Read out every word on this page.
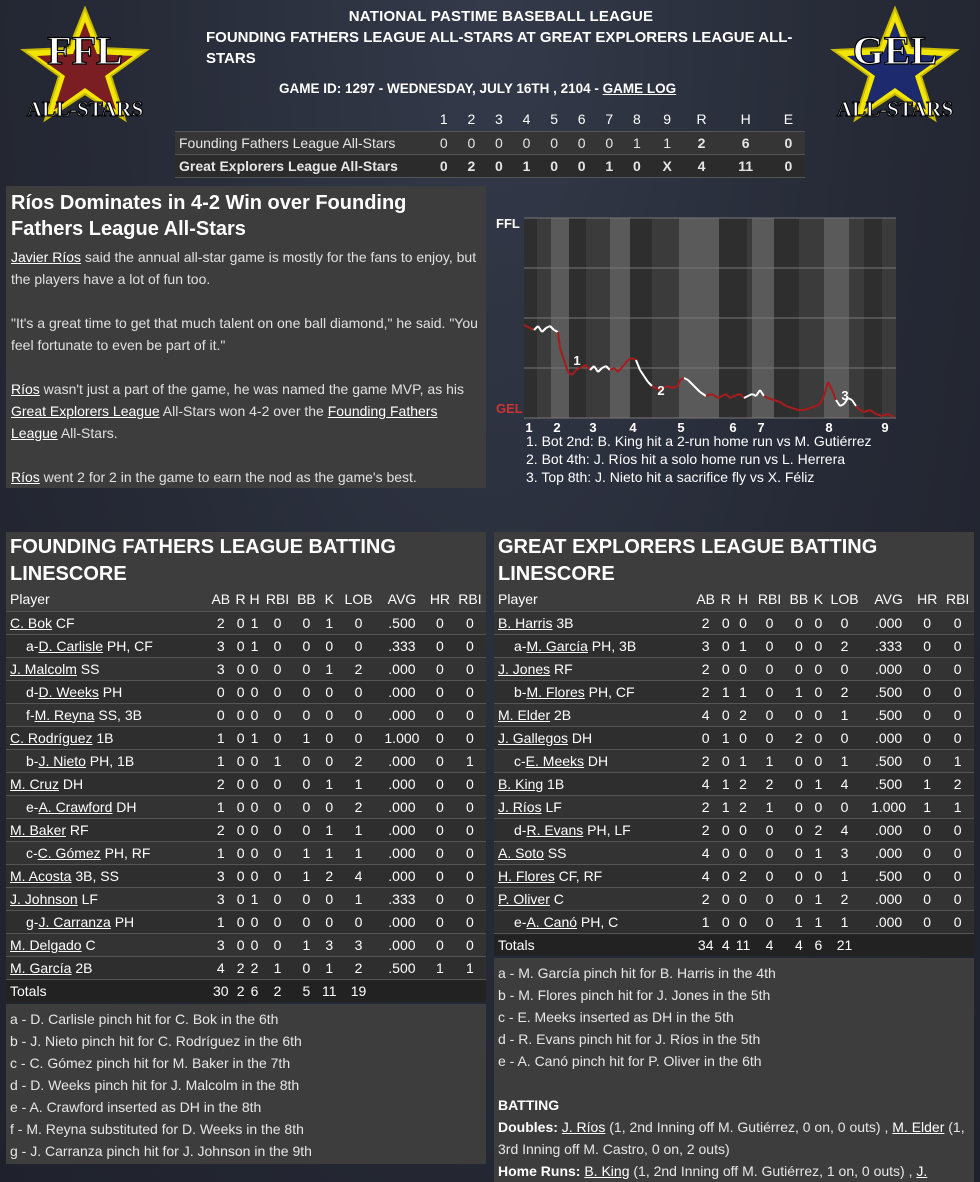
FFL
ALL-STARS
GEL
ALL-STARS
NATIONAL PASTIME BASEBALL LEAGUE
FOUNDING FATHERS LEAGUE ALL-STARS AT GREAT EXPLORERS LEAGUE ALL-STARS
GAME ID: 1297 - WEDNESDAY, JULY 16TH , 2104 - GAME LOG
	1	2	3	4	5	6	7	8	9	R	H	E
Founding Fathers League All-Stars	0	0	0	0	0	0	0	1	1	2	6	0
Great Explorers League All-Stars	0	2	0	1	0	0	1	0	X	4	11	0
Ríos Dominates in 4-2 Win over Founding Fathers League All-Stars

Javier Ríos said the annual all-star game is mostly for the fans to enjoy, but the players have a lot of fun too.

"It's a great time to get that much talent on one ball diamond," he said. "You feel fortunate to even be part of it."

Ríos wasn't just a part of the game, he was named the game MVP, as his Great Explorers League All-Stars won 4-2 over the Founding Fathers League All-Stars.

Ríos went 2 for 2 in the game to earn the nod as the game's best.

FFL
GEL
1
2	3
1 2 3	4	5	6 7	8	9
1. Bot 2nd: B. King hit a 2-run home run vs M. Gutiérrez
2. Bot 4th: J. Ríos hit a solo home run vs L. Herrera
3. Top 8th: J. Nieto hit a sacrifice fly vs X. Féliz
FOUNDING FATHERS LEAGUE BATTING LINESCORE
Player	AB	R	H	RBI	BB	K	LOB	AVG	HR	RBI
C. Bok CF	2	0	1	0	0	1	0	.500	0	0
a-D. Carlisle PH, CF	3	0	1	0	0	0	0	.333	0	0
J. Malcolm SS	3	0	0	0	0	1	2	.000	0	0
d-D. Weeks PH	0	0	0	0	0	0	0	.000	0	0
f-M. Reyna SS, 3B	0	0	0	0	0	0	0	.000	0	0
C. Rodríguez 1B	1	0	1	0	1	0	0	1.000	0	0
b-J. Nieto PH, 1B	1	0	0	1	0	0	2	.000	0	1
M. Cruz DH	2	0	0	0	0	1	1	.000	0	0
e-A. Crawford DH	1	0	0	0	0	0	2	.000	0	0
M. Baker RF	2	0	0	0	0	1	1	.000	0	0
c-C. Gómez PH, RF	1	0	0	0	1	1	1	.000	0	0
M. Acosta 3B, SS	3	0	0	0	1	2	4	.000	0	0
J. Johnson LF	3	0	1	0	0	0	1	.333	0	0
g-J. Carranza PH	1	0	0	0	0	0	0	.000	0	0
M. Delgado C	3	0	0	0	1	3	3	.000	0	0
M. García 2B	4	2	2	1	0	1	2	.500	1	1
Totals	30	2	6	2	5	11	19			
a - D. Carlisle pinch hit for C. Bok in the 6th
b - J. Nieto pinch hit for C. Rodríguez in the 6th
c - C. Gómez pinch hit for M. Baker in the 7th
d - D. Weeks pinch hit for J. Malcolm in the 8th
e - A. Crawford inserted as DH in the 8th
f - M. Reyna substituted for D. Weeks in the 8th
g - J. Carranza pinch hit for J. Johnson in the 9th
GREAT EXPLORERS LEAGUE BATTING LINESCORE
Player	AB	R	H	RBI	BB	K	LOB	AVG	HR	RBI
B. Harris 3B	2	0	0	0	0	0	0	.000	0	0
a-M. García PH, 3B	3	0	1	0	0	0	2	.333	0	0
J. Jones RF	2	0	0	0	0	0	0	.000	0	0
b-M. Flores PH, CF	2	1	1	0	1	0	2	.500	0	0
M. Elder 2B	4	0	2	0	0	0	1	.500	0	0
J. Gallegos DH	0	1	0	0	2	0	0	.000	0	0
c-E. Meeks DH	2	0	1	1	0	0	1	.500	0	1
B. King 1B	4	1	2	2	0	1	4	.500	1	2
J. Ríos LF	2	1	2	1	0	0	0	1.000	1	1
d-R. Evans PH, LF	2	0	0	0	0	2	4	.000	0	0
A. Soto SS	4	0	0	0	0	1	3	.000	0	0
H. Flores CF, RF	4	0	2	0	0	0	1	.500	0	0
P. Oliver C	2	0	0	0	0	1	2	.000	0	0
e-A. Canó PH, C	1	0	0	0	1	1	1	.000	0	0
Totals	34	4	11	4	4	6	21			
a - M. García pinch hit for B. Harris in the 4th
b - M. Flores pinch hit for J. Jones in the 5th
c - E. Meeks inserted as DH in the 5th
d - R. Evans pinch hit for J. Ríos in the 5th
e - A. Canó pinch hit for P. Oliver in the 6th
BATTING
Doubles: J. Ríos (1, 2nd Inning off M. Gutiérrez, 0 on, 0 outs) , M. Elder (1, 3rd Inning off M. Castro, 0 on, 2 outs)
Home Runs: B. King (1, 2nd Inning off M. Gutiérrez, 1 on, 0 outs) , J.
